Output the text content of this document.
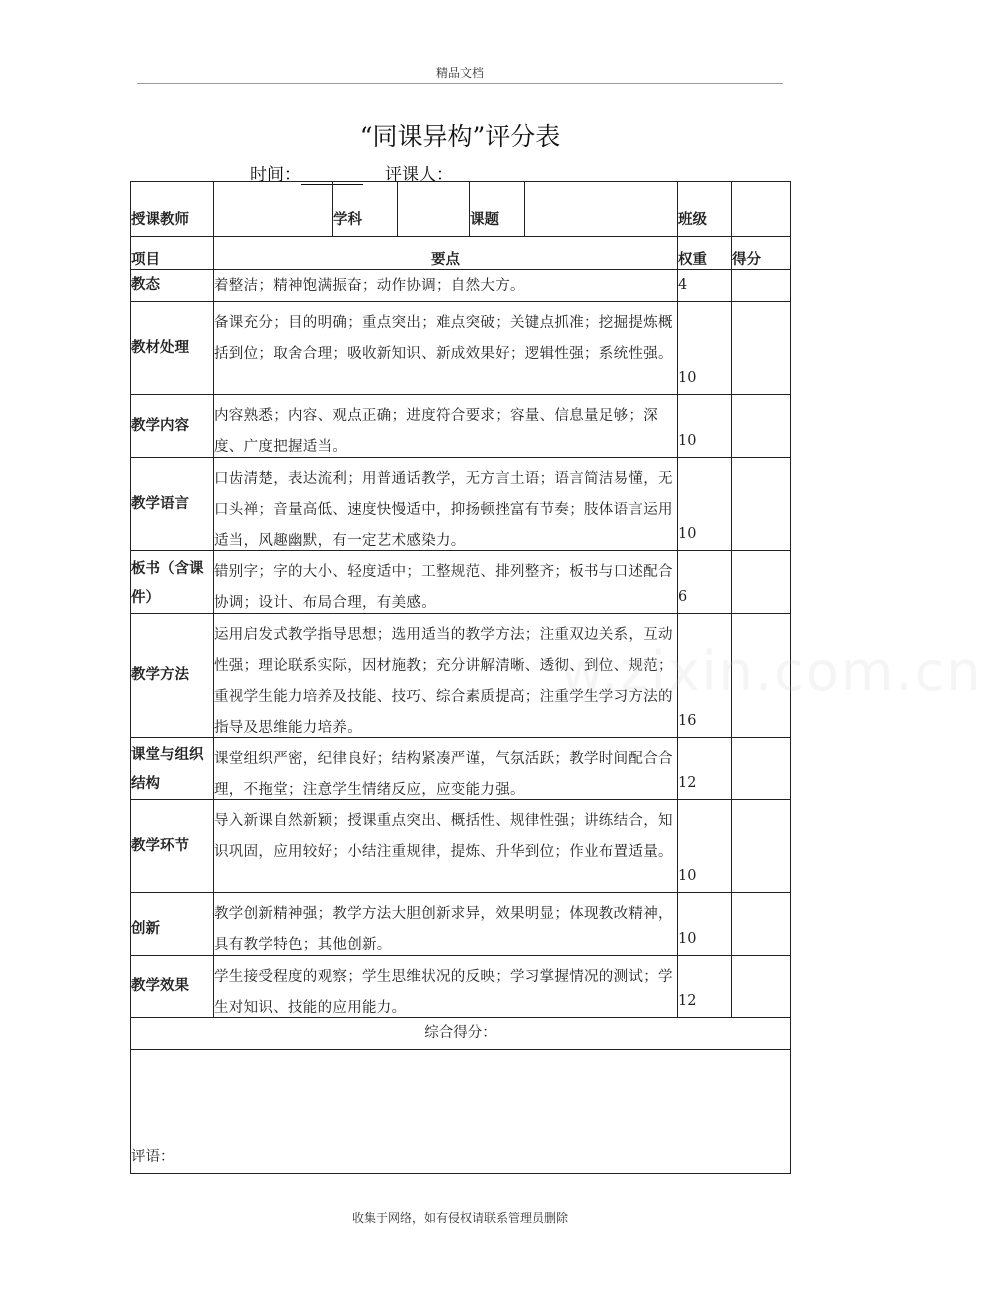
精品文档
“同课异构”评分表
时间：	评课人：
授课教师		学科		课题		班级	
项目	要点					权重	得分
教态	着整洁；精神饱满振奋；动作协调；自然大方。					4	
教材处理	备课充分；目的明确；重点突出；难点突破；关键点抓准；挖掘提炼概括到位；取舍合理；吸收新知识、新成效果好；逻辑性强；系统性强。					10	
教学内容	内容熟悉；内容、观点正确；进度符合要求；容量、信息量足够；深度、广度把握适当。					10	
教学语言	口齿清楚，表达流利；用普通话教学，无方言土语；语言简洁易懂，无口头禅；音量高低、速度快慢适中，抑扬顿挫富有节奏；肢体语言运用适当，风趣幽默，有一定艺术感染力。					10	
板书（含课件）	错别字；字的大小、轻度适中；工整规范、排列整齐；板书与口述配合协调；设计、布局合理，有美感。					6	
教学方法	运用启发式教学指导思想；选用适当的教学方法；注重双边关系，互动性强；理论联系实际，因材施教；充分讲解清晰、透彻、到位、规范；重视学生能力培养及技能、技巧、综合素质提高；注重学生学习方法的指导及思维能力培养。					16	
课堂与组织结构	课堂组织严密，纪律良好；结构紧凑严谨，气氛活跃；教学时间配合合理，不拖堂；注意学生情绪反应，应变能力强。					12	
教学环节	导入新课自然新颖；授课重点突出、概括性、规律性强；讲练结合，知识巩固，应用较好；小结注重规律，提炼、升华到位；作业布置适量。					10	
创新	教学创新精神强；教学方法大胆创新求异，效果明显；体现教改精神，具有教学特色；其他创新。					10	
教学效果	学生接受程度的观察；学生思维状况的反映；学习掌握情况的测试；学生对知识、技能的应用能力。					12	
综合得分：							
评语：							
w.zixin.com.cn
收集于网络，如有侵权请联系管理员删除
